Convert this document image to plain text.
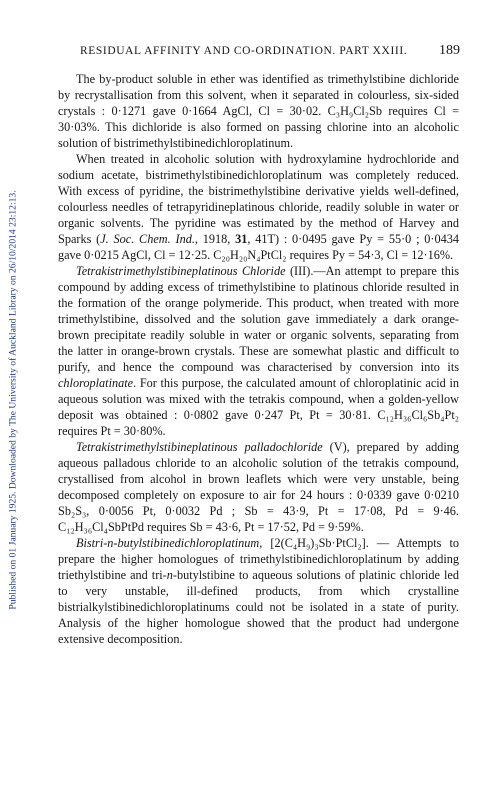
Published on 01 January 1925. Downloaded by The University of Auckland Library on 26/10/2014 23:12:13.
RESIDUAL AFFINITY AND CO-ORDINATION. PART XXIII. 189

The by-product soluble in ether was identified as trimethylstibine dichloride by recrystallisation from this solvent, when it separated in colourless, six-sided crystals : 0·1271 gave 0·1664 AgCl, Cl = 30·02. C₃H₉Cl₂Sb requires Cl = 30·03%. This dichloride is also formed on passing chlorine into an alcoholic solution of bistrimethylstibinedichloroplatinum.

When treated in alcoholic solution with hydroxylamine hydrochloride and sodium acetate, bistrimethylstibinedichloroplatinum was completely reduced. With excess of pyridine, the bistrimethylstibine derivative yields well-defined, colourless needles of tetrapyridineplatinous chloride, readily soluble in water or organic solvents. The pyridine was estimated by the method of Harvey and Sparks (J. Soc. Chem. Ind., 1918, 31, 41T) : 0·0495 gave Py = 55·0 ; 0·0434 gave 0·0215 AgCl, Cl = 12·25. C₂₀H₂₀N₄PtCl₂ requires Py = 54·3, Cl = 12·16%.

Tetrakistrimethylstibineplatinous Chloride (III).—An attempt to prepare this compound by adding excess of trimethylstibine to platinous chloride resulted in the formation of the orange polymeride. This product, when treated with more trimethylstibine, dissolved and the solution gave immediately a dark orange-brown precipitate readily soluble in water or organic solvents, separating from the latter in orange-brown crystals. These are somewhat plastic and difficult to purify, and hence the compound was characterised by conversion into its chloroplatinate. For this purpose, the calculated amount of chloroplatinic acid in aqueous solution was mixed with the tetrakis compound, when a golden-yellow deposit was obtained : 0·0802 gave 0·247 Pt, Pt = 30·81. C₁₂H₃₆Cl₆Sb₄Pt₂ requires Pt = 30·80%.

Tetrakistrimethylstibineplatinous palladochloride (V), prepared by adding aqueous palladous chloride to an alcoholic solution of the tetrakis compound, crystallised from alcohol in brown leaflets which were very unstable, being decomposed completely on exposure to air for 24 hours : 0·0339 gave 0·0210 Sb₂S₃, 0·0056 Pt, 0·0032 Pd ; Sb = 43·9, Pt = 17·08, Pd = 9·46. C₁₂H₃₆Cl₄SbPtPd requires Sb = 43·6, Pt = 17·52, Pd = 9·59%.

Bistri-n-butylstibinedichloroplatinum, [2(C₄H₉)₃Sb·PtCl₂]. — Attempts to prepare the higher homologues of trimethylstibinedichloroplatinum by adding triethylstibine and tri-n-butylstibine to aqueous solutions of platinic chloride led to very unstable, ill-defined products, from which crystalline bistrialkylstibinedichloroplatinums could not be isolated in a state of purity. Analysis of the higher homologue showed that the product had undergone extensive decomposition.
